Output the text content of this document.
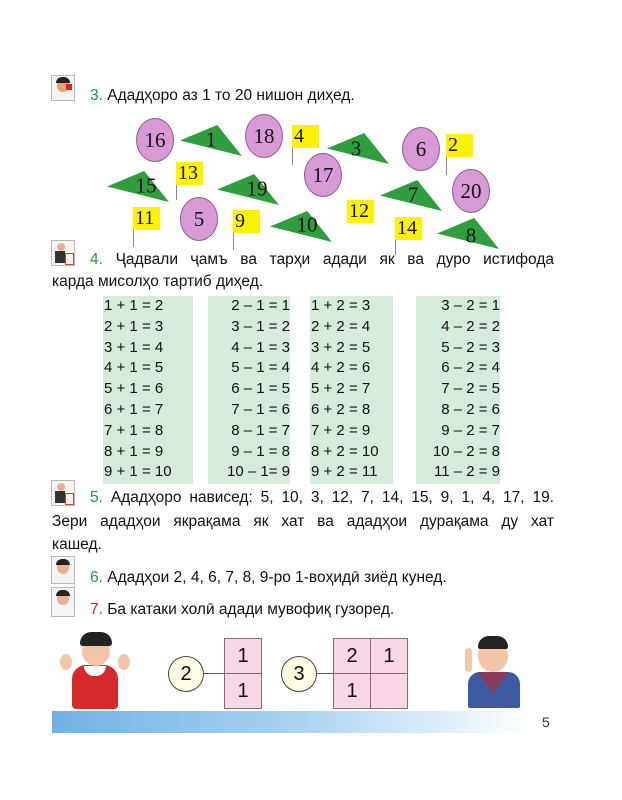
3. Ададҳоро аз 1 то 20 нишон диҳед.
16	18
17
6
20
5
1	3
15	19	7
10	8
4	2
13
11	9	12
14
4. Ҷадвали ҷамъ ва тарҳи адади як ва дуро истифода
карда мисолҳо тартиб диҳед.
1 + 1 = 2
2 + 1 = 3
3 + 1 = 4
4 + 1 = 5
5 + 1 = 6
6 + 1 = 7
7 + 1 = 8
8 + 1 = 9
9 + 1 = 10
2 – 1 = 1
3 – 1 = 2
4 – 1 = 3
5 – 1 = 4
6 – 1 = 5
7 – 1 = 6
8 – 1 = 7
9 – 1 = 8
10 – 1= 9
1 + 2 = 3
2 + 2 = 4
3 + 2 = 5
4 + 2 = 6
5 + 2 = 7
6 + 2 = 8
7 + 2 = 9
8 + 2 = 10
9 + 2 = 11
3 – 2 = 1
4 – 2 = 2
5 – 2 = 3
6 – 2 = 4
7 – 2 = 5
8 – 2 = 6
9 – 2 = 7
10 – 2 = 8
11 – 2 = 9
5. Ададҳоро нависед: 5, 10, 3, 12, 7, 14, 15, 9, 1, 4, 17, 19.
Зери ададҳои якрақама як хат ва ададҳои дурақама ду хат
кашед.
6. Ададҳои 2, 4, 6, 7, 8, 9-ро 1-воҳидӣ зиёд кунед.
7. Ба катаки холӣ адади мувофиқ гузоред.
2
1
1
3
2	1
1
5
